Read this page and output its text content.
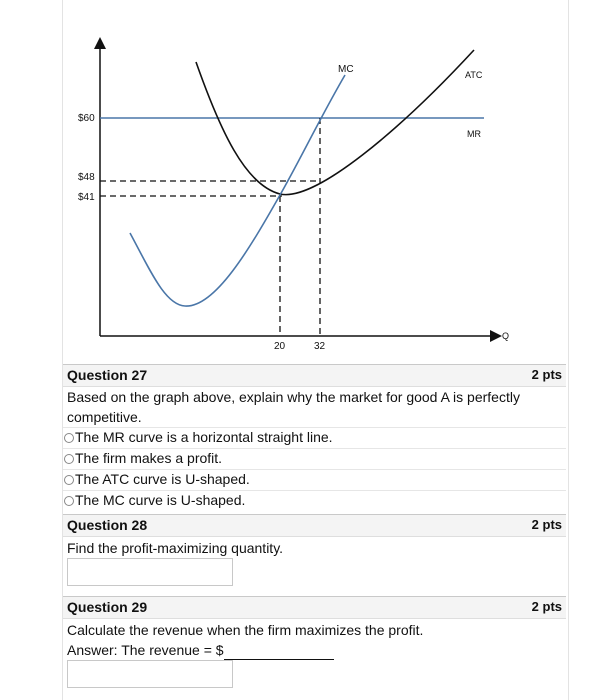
$60
$48
$41
20	32
Q
MC	ATC
MR
Question 27	2 pts
Based on the graph above, explain why the market for good A is perfectly
competitive.
The MR curve is a horizontal straight line.
The firm makes a profit.
The ATC curve is U-shaped.
The MC curve is U-shaped.
Question 28	2 pts
Find the profit-maximizing quantity.
Question 29	2 pts
Calculate the revenue when the firm maximizes the profit.
Answer: The revenue = $
